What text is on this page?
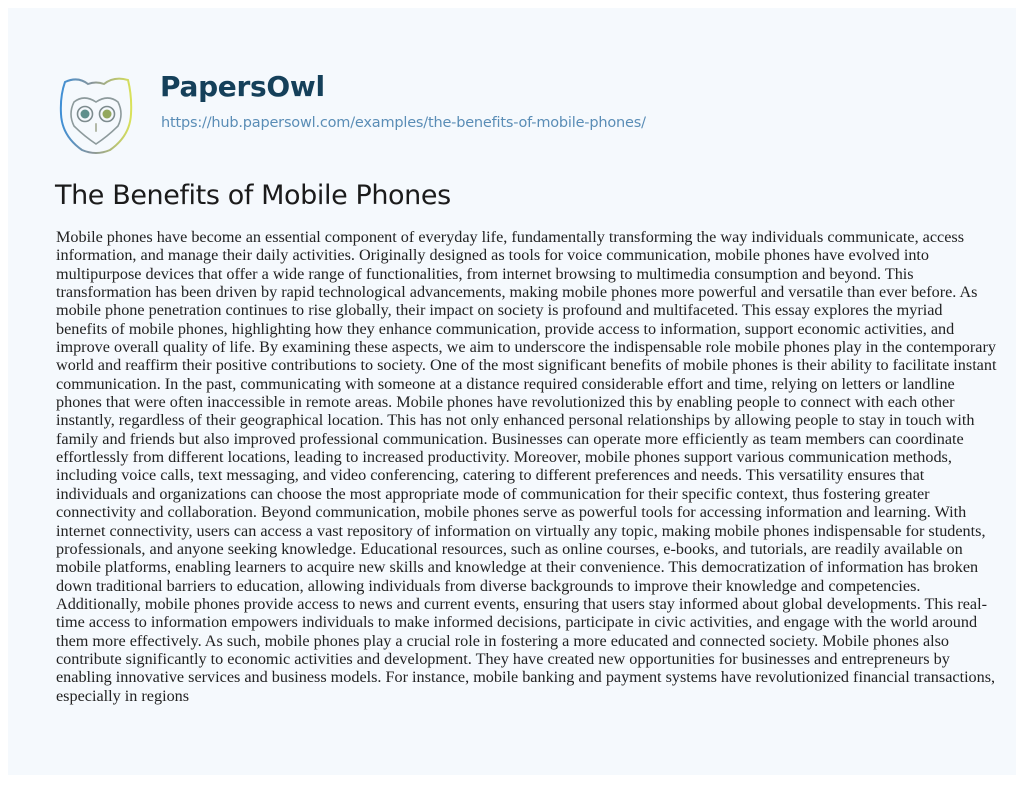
PapersOwl
https://hub.papersowl.com/examples/the-benefits-of-mobile-phones/
The Benefits of Mobile Phones
Mobile phones have become an essential component of everyday life, fundamentally transforming the way individuals communicate, access
information, and manage their daily activities. Originally designed as tools for voice communication, mobile phones have evolved into
multipurpose devices that offer a wide range of functionalities, from internet browsing to multimedia consumption and beyond. This
transformation has been driven by rapid technological advancements, making mobile phones more powerful and versatile than ever before. As
mobile phone penetration continues to rise globally, their impact on society is profound and multifaceted. This essay explores the myriad
benefits of mobile phones, highlighting how they enhance communication, provide access to information, support economic activities, and
improve overall quality of life. By examining these aspects, we aim to underscore the indispensable role mobile phones play in the contemporary
world and reaffirm their positive contributions to society. One of the most significant benefits of mobile phones is their ability to facilitate instant
communication. In the past, communicating with someone at a distance required considerable effort and time, relying on letters or landline
phones that were often inaccessible in remote areas. Mobile phones have revolutionized this by enabling people to connect with each other
instantly, regardless of their geographical location. This has not only enhanced personal relationships by allowing people to stay in touch with
family and friends but also improved professional communication. Businesses can operate more efficiently as team members can coordinate
effortlessly from different locations, leading to increased productivity. Moreover, mobile phones support various communication methods,
including voice calls, text messaging, and video conferencing, catering to different preferences and needs. This versatility ensures that
individuals and organizations can choose the most appropriate mode of communication for their specific context, thus fostering greater
connectivity and collaboration. Beyond communication, mobile phones serve as powerful tools for accessing information and learning. With
internet connectivity, users can access a vast repository of information on virtually any topic, making mobile phones indispensable for students,
professionals, and anyone seeking knowledge. Educational resources, such as online courses, e-books, and tutorials, are readily available on
mobile platforms, enabling learners to acquire new skills and knowledge at their convenience. This democratization of information has broken
down traditional barriers to education, allowing individuals from diverse backgrounds to improve their knowledge and competencies.
Additionally, mobile phones provide access to news and current events, ensuring that users stay informed about global developments. This real-
time access to information empowers individuals to make informed decisions, participate in civic activities, and engage with the world around
them more effectively. As such, mobile phones play a crucial role in fostering a more educated and connected society. Mobile phones also
contribute significantly to economic activities and development. They have created new opportunities for businesses and entrepreneurs by
enabling innovative services and business models. For instance, mobile banking and payment systems have revolutionized financial transactions,
especially in regions
